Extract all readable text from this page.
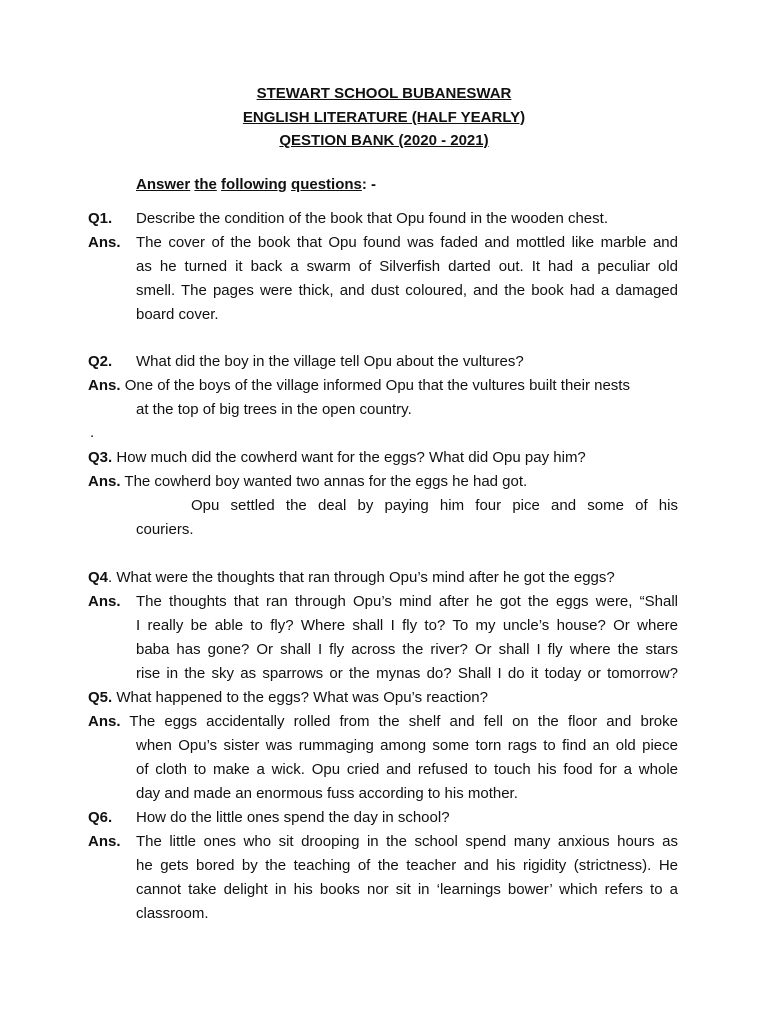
STEWART SCHOOL BUBANESWAR
ENGLISH LITERATURE (HALF YEARLY)
QESTION BANK (2020 - 2021)
Answer the following questions: -
Q1. Describe the condition of the book that Opu found in the wooden chest.
Ans. The cover of the book that Opu found was faded and mottled like marble and
as he turned it back a swarm of Silverfish darted out. It had a peculiar old
smell. The pages were thick, and dust coloured, and the book had a damaged
board cover.
Q2. What did the boy in the village tell Opu about the vultures?
Ans. One of the boys of the village informed Opu that the vultures built their nests
at the top of big trees in the open country.
.
Q3. How much did the cowherd want for the eggs? What did Opu pay him?
Ans. The cowherd boy wanted two annas for the eggs he had got.
Opu settled the deal by paying him four pice and some of his
couriers.
Q4. What were the thoughts that ran through Opu’s mind after he got the eggs?
Ans. The thoughts that ran through Opu’s mind after he got the eggs were, “Shall
I really be able to fly? Where shall I fly to? To my uncle’s house? Or where
baba has gone? Or shall I fly across the river? Or shall I fly where the stars
rise in the sky as sparrows or the mynas do? Shall I do it today or tomorrow?
Q5. What happened to the eggs? What was Opu’s reaction?
Ans. The eggs accidentally rolled from the shelf and fell on the floor and broke
when Opu’s sister was rummaging among some torn rags to find an old piece
of cloth to make a wick. Opu cried and refused to touch his food for a whole
day and made an enormous fuss according to his mother.
Q6. How do the little ones spend the day in school?
Ans. The little ones who sit drooping in the school spend many anxious hours as
he gets bored by the teaching of the teacher and his rigidity (strictness). He
cannot take delight in his books nor sit in ‘learnings bower’ which refers to a
classroom.
